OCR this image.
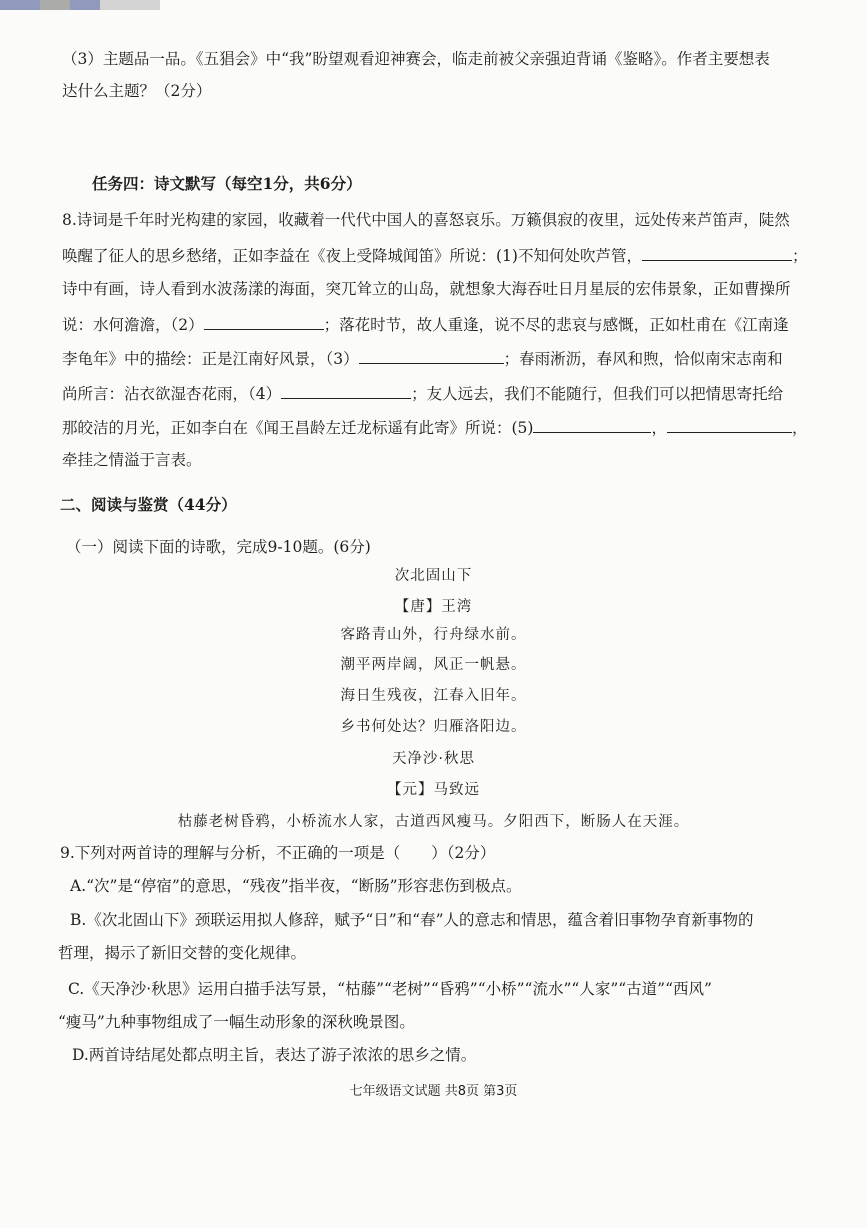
（3）主题品一品。《五猖会》中“我”盼望观看迎神赛会，临走前被父亲强迫背诵《鉴略》。作者主要想表
达什么主题？（2分）
任务四：诗文默写（每空1分，共6分）
8.诗词是千年时光构建的家园，收藏着一代代中国人的喜怒哀乐。万籁俱寂的夜里，远处传来芦笛声，陡然
唤醒了征人的思乡愁绪，正如李益在《夜上受降城闻笛》所说：(1)不知何处吹芦管，	；
诗中有画，诗人看到水波荡漾的海面，突兀耸立的山岛，就想象大海吞吐日月星辰的宏伟景象，正如曹操所
说：水何澹澹，（2）	；落花时节，故人重逢，说不尽的悲哀与感慨，正如杜甫在《江南逢
李龟年》中的描绘：正是江南好风景，（3）	；春雨淅沥，春风和煦，恰似南宋志南和
尚所言：沾衣欲湿杏花雨，（4）	；友人远去，我们不能随行，但我们可以把情思寄托给
那皎洁的月光，正如李白在《闻王昌龄左迁龙标遥有此寄》所说：(5)	，	，
牵挂之情溢于言表。
二、阅读与鉴赏（44分）
（一）阅读下面的诗歌，完成9-10题。(6分)
次北固山下
【唐】王湾
客路青山外，行舟绿水前。
潮平两岸阔，风正一帆悬。
海日生残夜，江春入旧年。
乡书何处达？归雁洛阳边。
天净沙·秋思
【元】马致远
枯藤老树昏鸦，小桥流水人家，古道西风瘦马。夕阳西下，断肠人在天涯。
9.下列对两首诗的理解与分析，不正确的一项是（　　）（2分）
A.“次”是“停宿”的意思，“残夜”指半夜，“断肠”形容悲伤到极点。
B.《次北固山下》颈联运用拟人修辞，赋予“日”和“春”人的意志和情思，蕴含着旧事物孕育新事物的
哲理，揭示了新旧交替的变化规律。
C.《天净沙·秋思》运用白描手法写景，“枯藤”“老树”“昏鸦”“小桥”“流水”“人家”“古道”“西风”
“瘦马”九种事物组成了一幅生动形象的深秋晚景图。
D.两首诗结尾处都点明主旨，表达了游子浓浓的思乡之情。
七年级语文试题 共8页 第3页
